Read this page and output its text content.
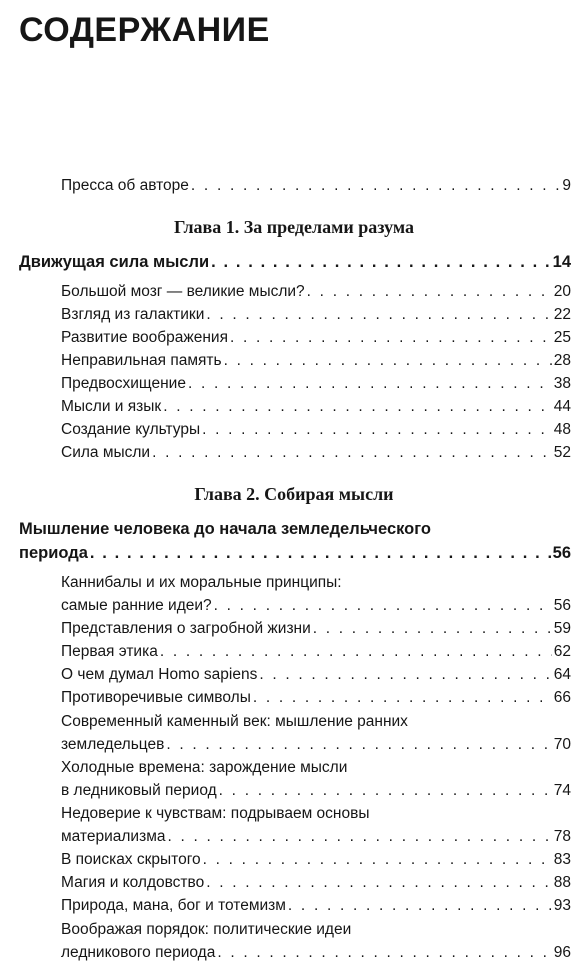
СОДЕРЖАНИЕ
Пресса об авторе . . .	9
Глава 1. За пределами разума
Движущая сила мысли . . .	14
Большой мозг — великие мысли? . . .	20
Взгляд из галактики . . .	22
Развитие воображения . . .	25
Неправильная память . . .	28
Предвосхищение . . .	38
Мысли и язык . . .	44
Создание культуры . . .	48
Сила мысли . . .	52
Глава 2. Собирая мысли
Мышление человека до начала земледельческого
периода . . .	56
Каннибалы и их моральные принципы:
самые ранние идеи? . . .	56
Представления о загробной жизни . . .	59
Первая этика . . .	62
О чем думал Homo sapiens . . .	64
Противоречивые символы . . .	66
Современный каменный век: мышление ранних
земледельцев . . .	70
Холодные времена: зарождение мысли
в ледниковый период . . .	74
Недоверие к чувствам: подрываем основы
материализма . . .	78
В поисках скрытого . . .	83
Магия и колдовство . . .	88
Природа, мана, бог и тотемизм . . .	93
Воображая порядок: политические идеи
ледникового периода . . .	96
